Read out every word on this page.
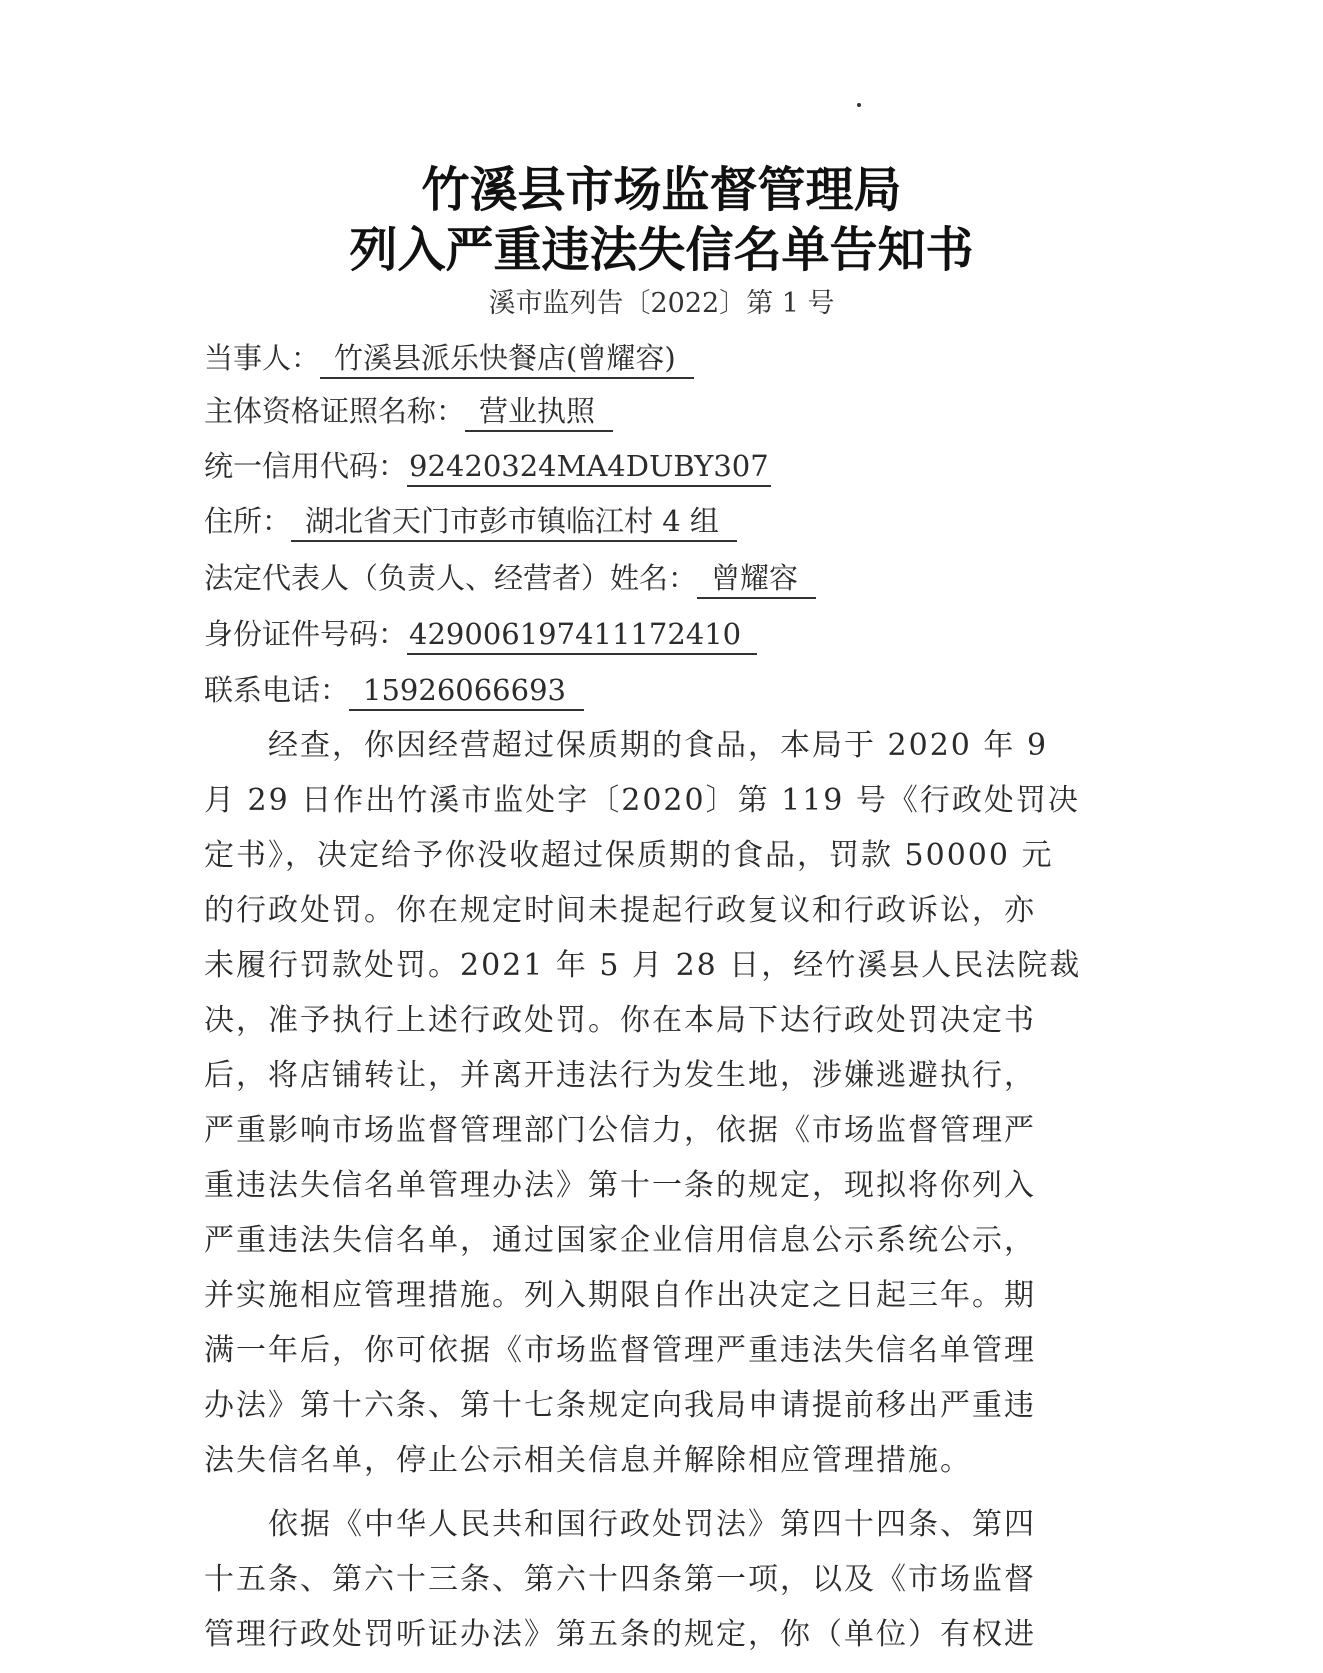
竹溪县市场监督管理局
列入严重违法失信名单告知书
溪市监列告〔2022〕第 1 号
当事人： 竹溪县派乐快餐店(曾耀容)
主体资格证照名称： 营业执照
统一信用代码：92420324MA4DUBY307
住所： 湖北省天门市彭市镇临江村 4 组
法定代表人（负责人、经营者）姓名： 曾耀容
身份证件号码：429006197411172410
联系电话： 15926066693
　　经查，你因经营超过保质期的食品，本局于 2020 年 9
月 29 日作出竹溪市监处字〔2020〕第 119 号《行政处罚决
定书》，决定给予你没收超过保质期的食品，罚款 50000 元
的行政处罚。你在规定时间未提起行政复议和行政诉讼，亦
未履行罚款处罚。2021 年 5 月 28 日，经竹溪县人民法院裁
决，准予执行上述行政处罚。你在本局下达行政处罚决定书
后，将店铺转让，并离开违法行为发生地，涉嫌逃避执行，
严重影响市场监督管理部门公信力，依据《市场监督管理严
重违法失信名单管理办法》第十一条的规定，现拟将你列入
严重违法失信名单，通过国家企业信用信息公示系统公示，
并实施相应管理措施。列入期限自作出决定之日起三年。期
满一年后，你可依据《市场监督管理严重违法失信名单管理
办法》第十六条、第十七条规定向我局申请提前移出严重违
法失信名单，停止公示相关信息并解除相应管理措施。
　　依据《中华人民共和国行政处罚法》第四十四条、第四
十五条、第六十三条、第六十四条第一项，以及《市场监督
管理行政处罚听证办法》第五条的规定，你（单位）有权进
